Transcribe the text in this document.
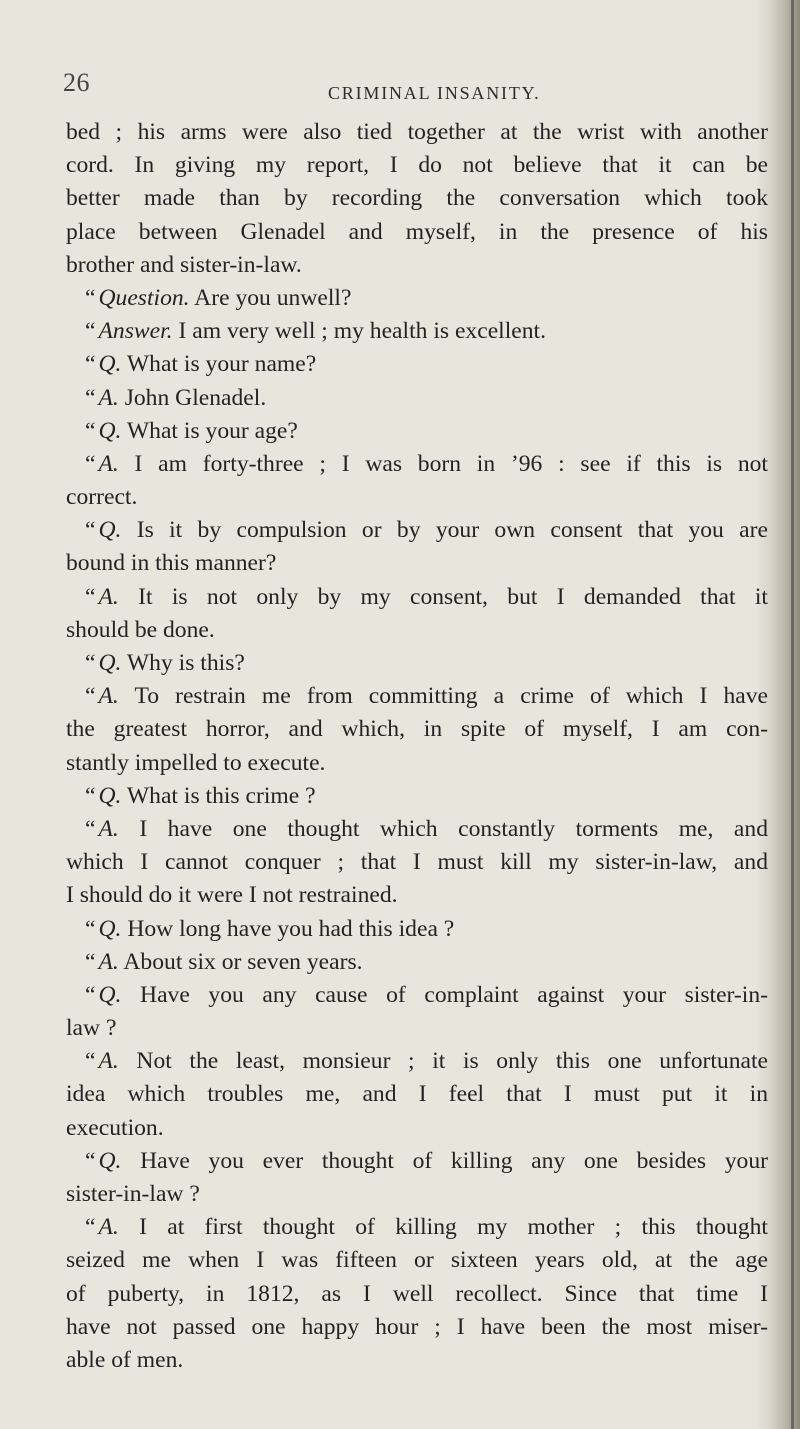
26	CRIMINAL INSANITY.
bed ; his arms were also tied together at the wrist with another
cord. In giving my report, I do not believe that it can be
better made than by recording the conversation which took
place between Glenadel and myself, in the presence of his
brother and sister-in-law.
“ Question. Are you unwell?
“ Answer. I am very well ; my health is excellent.
“ Q. What is your name?
“ A. John Glenadel.
“ Q. What is your age?
“ A. I am forty-three ; I was born in ’96 : see if this is not
correct.
“ Q. Is it by compulsion or by your own consent that you are
bound in this manner?
“ A. It is not only by my consent, but I demanded that it
should be done.
“ Q. Why is this?
“ A. To restrain me from committing a crime of which I have
the greatest horror, and which, in spite of myself, I am con-
stantly impelled to execute.
“ Q. What is this crime ?
“ A. I have one thought which constantly torments me, and
which I cannot conquer ; that I must kill my sister-in-law, and
I should do it were I not restrained.
“ Q. How long have you had this idea ?
“ A. About six or seven years.
“ Q. Have you any cause of complaint against your sister-in-
law ?
“ A. Not the least, monsieur ; it is only this one unfortunate
idea which troubles me, and I feel that I must put it in
execution.
“ Q. Have you ever thought of killing any one besides your
sister-in-law ?
“ A. I at first thought of killing my mother ; this thought
seized me when I was fifteen or sixteen years old, at the age
of puberty, in 1812, as I well recollect. Since that time I
have not passed one happy hour ; I have been the most miser-
able of men.
